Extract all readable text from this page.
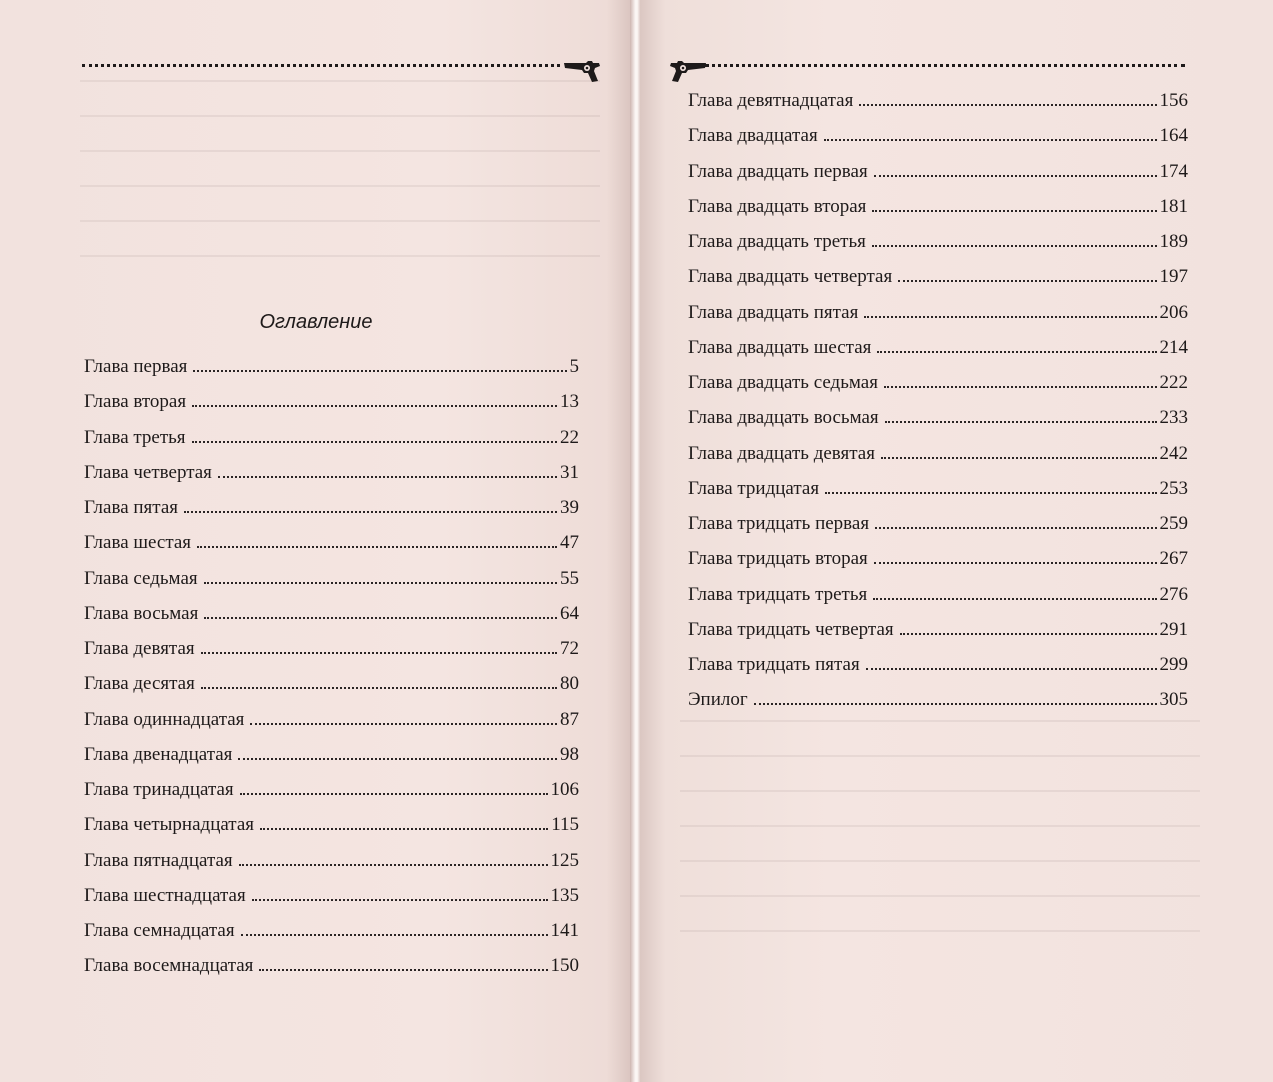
Оглавление
Глава первая	5
Глава вторая	13
Глава третья	22
Глава четвертая	31
Глава пятая	39
Глава шестая	47
Глава седьмая	55
Глава восьмая	64
Глава девятая	72
Глава десятая	80
Глава одиннадцатая	87
Глава двенадцатая	98
Глава тринадцатая	106
Глава четырнадцатая	115
Глава пятнадцатая	125
Глава шестнадцатая	135
Глава семнадцатая	141
Глава восемнадцатая	150
Глава девятнадцатая	156
Глава двадцатая	164
Глава двадцать первая	174
Глава двадцать вторая	181
Глава двадцать третья	189
Глава двадцать четвертая	197
Глава двадцать пятая	206
Глава двадцать шестая	214
Глава двадцать седьмая	222
Глава двадцать восьмая	233
Глава двадцать девятая	242
Глава тридцатая	253
Глава тридцать первая	259
Глава тридцать вторая	267
Глава тридцать третья	276
Глава тридцать четвертая	291
Глава тридцать пятая	299
Эпилог	305
